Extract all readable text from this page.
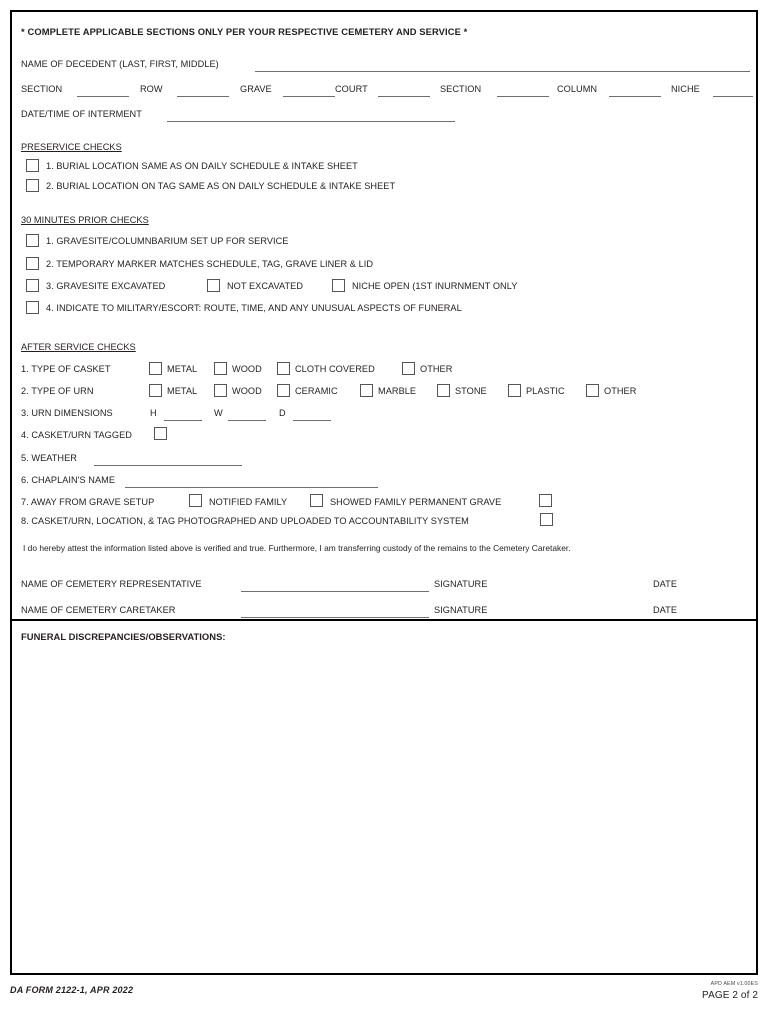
* COMPLETE APPLICABLE SECTIONS ONLY PER YOUR RESPECTIVE CEMETERY AND SERVICE *
NAME OF DECEDENT (LAST, FIRST, MIDDLE)
SECTION	ROW	GRAVE	COURT	SECTION	COLUMN	NICHE
DATE/TIME OF INTERMENT
PRESERVICE CHECKS
1. BURIAL LOCATION SAME AS ON DAILY SCHEDULE & INTAKE SHEET
2. BURIAL LOCATION ON TAG SAME AS ON DAILY SCHEDULE & INTAKE SHEET
30 MINUTES PRIOR CHECKS
1. GRAVESITE/COLUMNBARIUM SET UP FOR SERVICE
2. TEMPORARY MARKER MATCHES SCHEDULE, TAG, GRAVE LINER & LID
3. GRAVESITE EXCAVATED	NOT EXCAVATED	NICHE OPEN (1ST INURNMENT ONLY
4. INDICATE TO MILITARY/ESCORT: ROUTE, TIME, AND ANY UNUSUAL ASPECTS OF FUNERAL
AFTER SERVICE CHECKS
1. TYPE OF CASKET	METAL	WOOD	CLOTH COVERED	OTHER
2. TYPE OF URN	METAL	WOOD	CERAMIC	MARBLE	STONE	PLASTIC	OTHER
3. URN DIMENSIONS	H	W	D
4. CASKET/URN TAGGED
5. WEATHER
6. CHAPLAIN'S NAME
7. AWAY FROM GRAVE SETUP	NOTIFIED FAMILY	SHOWED FAMILY PERMANENT GRAVE
8. CASKET/URN, LOCATION, & TAG PHOTOGRAPHED AND UPLOADED TO ACCOUNTABILITY SYSTEM
I do hereby attest the information listed above is verified and true. Furthermore, I am transferring custody of the remains to the Cemetery Caretaker.
NAME OF CEMETERY REPRESENTATIVE	SIGNATURE	DATE
NAME OF CEMETERY CARETAKER	SIGNATURE	DATE
FUNERAL DISCREPANCIES/OBSERVATIONS:
DA FORM 2122-1, APR 2022
APD AEM v1.00ES
PAGE 2 of 2
